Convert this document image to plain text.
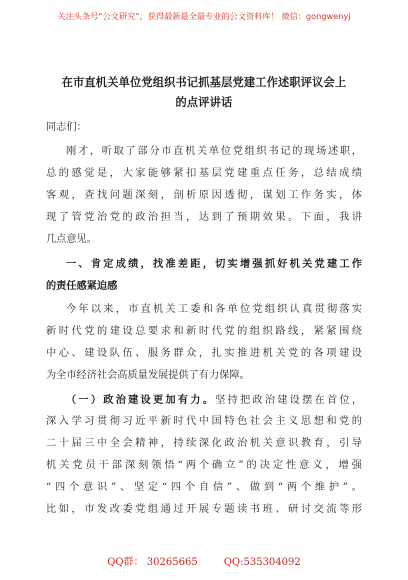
关注头条号“公文研究”，获得最新最全最专业的公文资料库！ 微信：gongwenyj
在市直机关单位党组织书记抓基层党建工作述职评议会上
的点评讲话
同志们：
刚才，听取了部分市直机关单位党组织书记的现场述职，
总的感觉是，大家能够紧扣基层党建重点任务，总结成绩
客观，查找问题深刻，剖析原因透彻，谋划工作务实，体
现了管党治党的政治担当，达到了预期效果。下面，我讲
几点意见。
一、肯定成绩，找准差距，切实增强抓好机关党建工作
的责任感紧迫感
今年以来，市直机关工委和各单位党组织认真贯彻落实
新时代党的建设总要求和新时代党的组织路线，紧紧围绕
中心、建设队伍、服务群众，扎实推进机关党的各项建设
为全市经济社会高质量发展提供了有力保障。
（一）政治建设更加有力。坚持把政治建设摆在首位，
深入学习贯彻习近平新时代中国特色社会主义思想和党的
二十届三中全会精神，持续深化政治机关意识教育，引导
机关党员干部深刻领悟“两个确立”的决定性意义，增强
“四个意识”、坚定“四个自信”、做到“两个维护”。
比如，市发改委党组通过开展专题读书班、研讨交流等形
QQ群： 30265665	QQ:535304092
